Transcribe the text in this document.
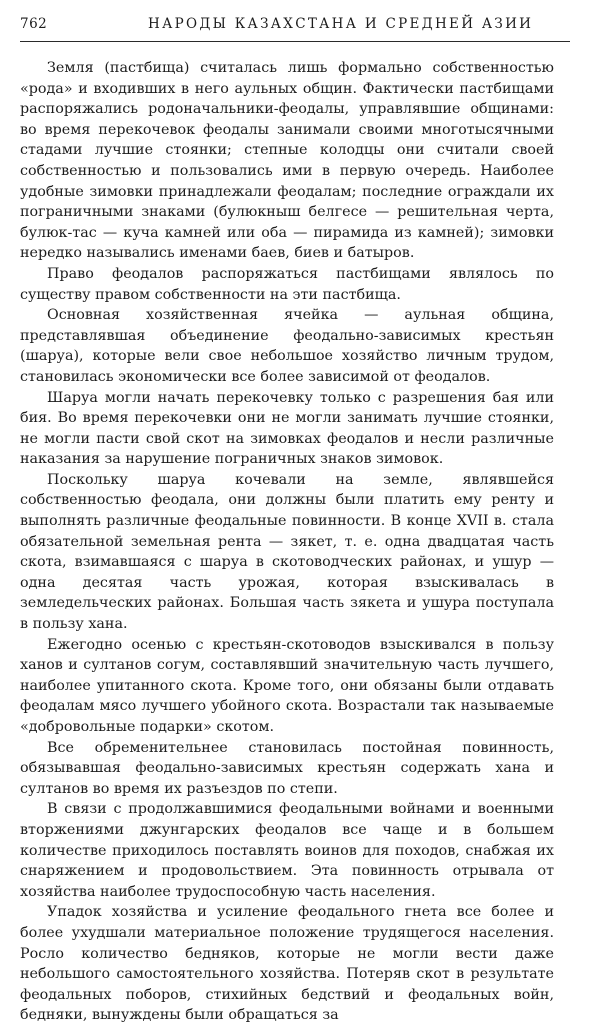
762	НАРОДЫ КАЗАХСТАНА И СРЕДНЕЙ АЗИИ

Земля (пастбища) считалась лишь формально собственностью «рода» и входивших в него аульных общин. Фактически пастбищами распоряжались родоначальники-феодалы, управлявшие общинами: во время перекочевок феодалы занимали своими многотысячными стадами лучшие стоянки; степные колодцы они считали своей собственностью и пользовались ими в первую очередь. Наиболее удобные зимовки принадлежали феодалам; последние ограждали их пограничными знаками (булюкныш белгесе — решительная черта, булюк-тас — куча камней или оба — пирамида из камней); зимовки нередко назывались именами баев, биев и батыров.

Право феодалов распоряжаться пастбищами являлось по существу правом собственности на эти пастбища.

Основная хозяйственная ячейка — аульная община, представлявшая объединение феодально-зависимых крестьян (шаруа), которые вели свое небольшое хозяйство личным трудом, становилась экономически все более зависимой от феодалов.

Шаруа могли начать перекочевку только с разрешения бая или бия. Во время перекочевки они не могли занимать лучшие стоянки, не могли пасти свой скот на зимовках феодалов и несли различные наказания за нарушение пограничных знаков зимовок.

Поскольку шаруа кочевали на земле, являвшейся собственностью феодала, они должны были платить ему ренту и выполнять различные феодальные повинности. В конце XVII в. стала обязательной земельная рента — зякет, т. е. одна двадцатая часть скота, взимавшаяся с шаруа в скотоводческих районах, и ушур — одна десятая часть урожая, которая взыскивалась в земледельческих районах. Большая часть зякета и ушура поступала в пользу хана.

Ежегодно осенью с крестьян-скотоводов взыскивался в пользу ханов и султанов согум, составлявший значительную часть лучшего, наиболее упитанного скота. Кроме того, они обязаны были отдавать феодалам мясо лучшего убойного скота. Возрастали так называемые «добровольные подарки» скотом.

Все обременительнее становилась постойная повинность, обязывавшая феодально-зависимых крестьян содержать хана и султанов во время их разъездов по степи.

В связи с продолжавшимися феодальными войнами и военными вторжениями джунгарских феодалов все чаще и в большем количестве приходилось поставлять воинов для походов, снабжая их снаряжением и продовольствием. Эта повинность отрывала от хозяйства наиболее трудоспособную часть населения.

Упадок хозяйства и усиление феодального гнета все более и более ухудшали материальное положение трудящегося населения. Росло количество бедняков, которые не могли вести даже небольшого самостоятельного хозяйства. Потеряв скот в результате феодальных поборов, стихийных бедствий и феодальных войн, бедняки, вынуждены были обращаться за
